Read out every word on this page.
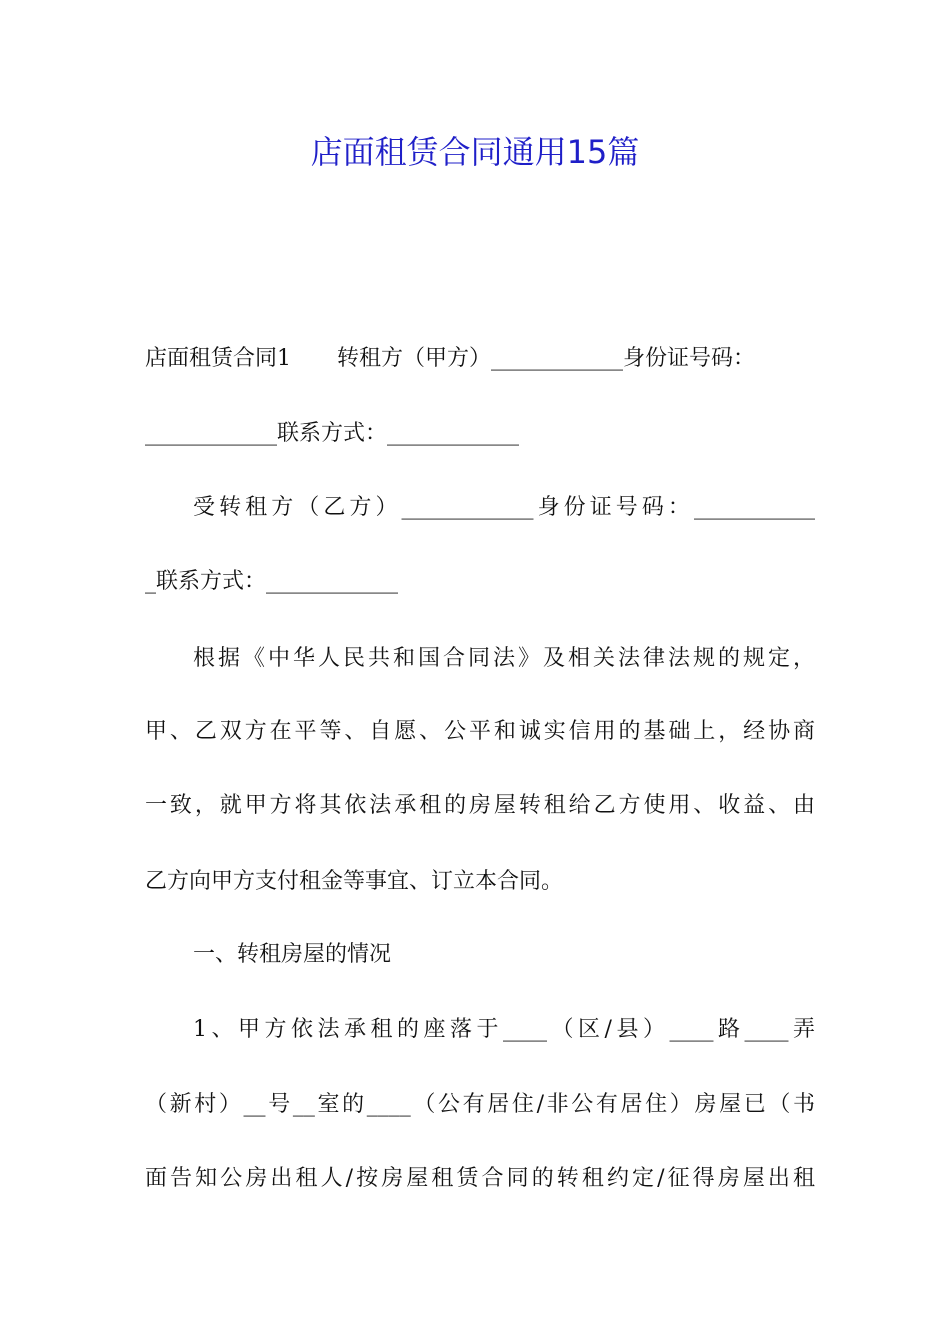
店面租赁合同通用15篇
店面租赁合同1 转租方（甲方）____________身份证号码：
____________联系方式：____________
受转租方（乙方）____________身份证号码：___________
_联系方式：____________
根据《中华人民共和国合同法》及相关法律法规的规定，
甲、乙双方在平等、自愿、公平和诚实信用的基础上，经协商
一致，就甲方将其依法承租的房屋转租给乙方使用、收益、由
乙方向甲方支付租金等事宜、订立本合同。
一、转租房屋的情况
1、甲方依法承租的座落于____（区/县）____路____弄
（新村）__号__室的____（公有居住/非公有居住）房屋已（书
面告知公房出租人/按房屋租赁合同的转租约定/征得房屋出租
